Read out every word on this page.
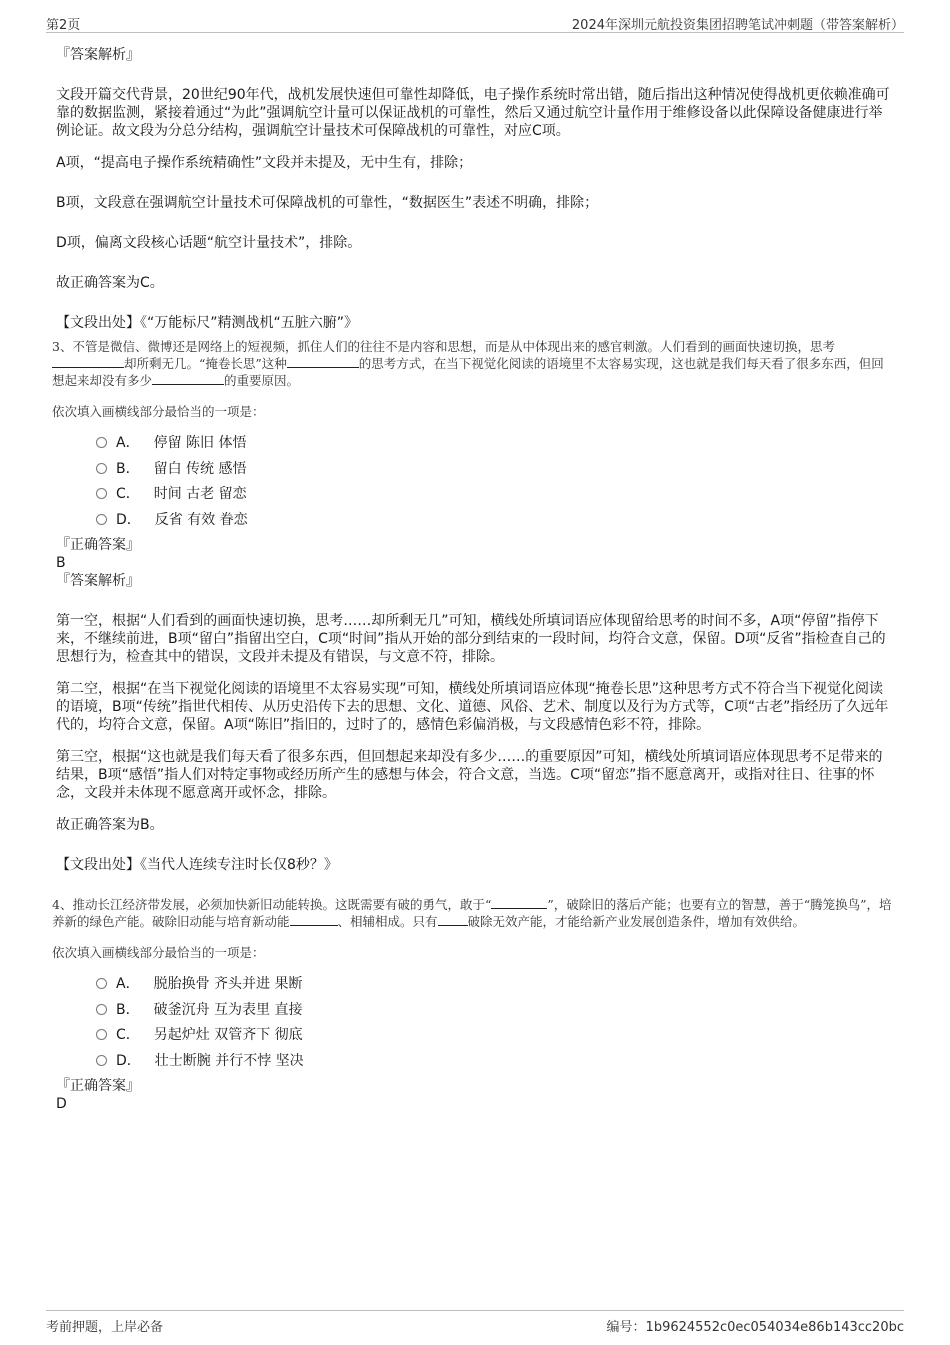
第2页	2024年深圳元航投资集团招聘笔试冲刺题（带答案解析）

『答案解析』

文段开篇交代背景，20世纪90年代，战机发展快速但可靠性却降低，电子操作系统时常出错，随后指出这种情况使得战机更依赖准确可靠的数据监测，紧接着通过“为此”强调航空计量可以保证战机的可靠性，然后又通过航空计量作用于维修设备以此保障设备健康进行举例论证。故文段为分总分结构，强调航空计量技术可保障战机的可靠性，对应C项。

A项，“提高电子操作系统精确性”文段并未提及，无中生有，排除；

B项，文段意在强调航空计量技术可保障战机的可靠性，“数据医生”表述不明确，排除；

D项，偏离文段核心话题“航空计量技术”，排除。

故正确答案为C。

【文段出处】《“万能标尺”精测战机“五脏六腑”》

3、不管是微信、微博还是网络上的短视频，抓住人们的往往不是内容和思想，而是从中体现出来的感官刺激。人们看到的画面快速切换，思考却所剩无几。“掩卷长思”这种	的思考方式，在当下视觉化阅读的语境里不太容易实现，这也就是我们每天看了很多东西，但回想起来却没有多少	的重要原因。

依次填入画横线部分最恰当的一项是：

A． 停留 陈旧 体悟
B． 留白 传统 感悟
C． 时间 古老 留恋
D． 反省 有效 眷恋

『正确答案』

B

『答案解析』

第一空，根据“人们看到的画面快速切换，思考……却所剩无几”可知，横线处所填词语应体现留给思考的时间不多，A项“停留”指停下来，不继续前进，B项“留白”指留出空白，C项“时间”指从开始的部分到结束的一段时间，均符合文意，保留。D项“反省”指检查自己的思想行为，检查其中的错误，文段并未提及有错误，与文意不符，排除。

第二空，根据“在当下视觉化阅读的语境里不太容易实现”可知，横线处所填词语应体现“掩卷长思”这种思考方式不符合当下视觉化阅读的语境，B项“传统”指世代相传、从历史沿传下去的思想、文化、道德、风俗、艺术、制度以及行为方式等，C项“古老”指经历了久远年代的，均符合文意，保留。A项“陈旧”指旧的，过时了的，感情色彩偏消极，与文段感情色彩不符，排除。

第三空，根据“这也就是我们每天看了很多东西，但回想起来却没有多少……的重要原因”可知，横线处所填词语应体现思考不足带来的结果，B项“感悟”指人们对特定事物或经历所产生的感想与体会，符合文意，当选。C项“留恋”指不愿意离开，或指对往日、往事的怀念，文段并未体现不愿意离开或怀念，排除。

故正确答案为B。

【文段出处】《当代人连续专注时长仅8秒？》

4、推动长江经济带发展，必须加快新旧动能转换。这既需要有破的勇气，敢于“	”，破除旧的落后产能；也要有立的智慧，善于“腾笼换鸟”，培养新的绿色产能。破除旧动能与培育新动能	、相辅相成。只有 破除无效产能，才能给新产业发展创造条件，增加有效供给。

依次填入画横线部分最恰当的一项是：

A． 脱胎换骨 齐头并进 果断
B． 破釜沉舟 互为表里 直接
C． 另起炉灶 双管齐下 彻底
D． 壮士断腕 并行不悖 坚决

『正确答案』

D

考前押题，上岸必备	编号：1b9624552c0ec054034e86b143cc20bc
